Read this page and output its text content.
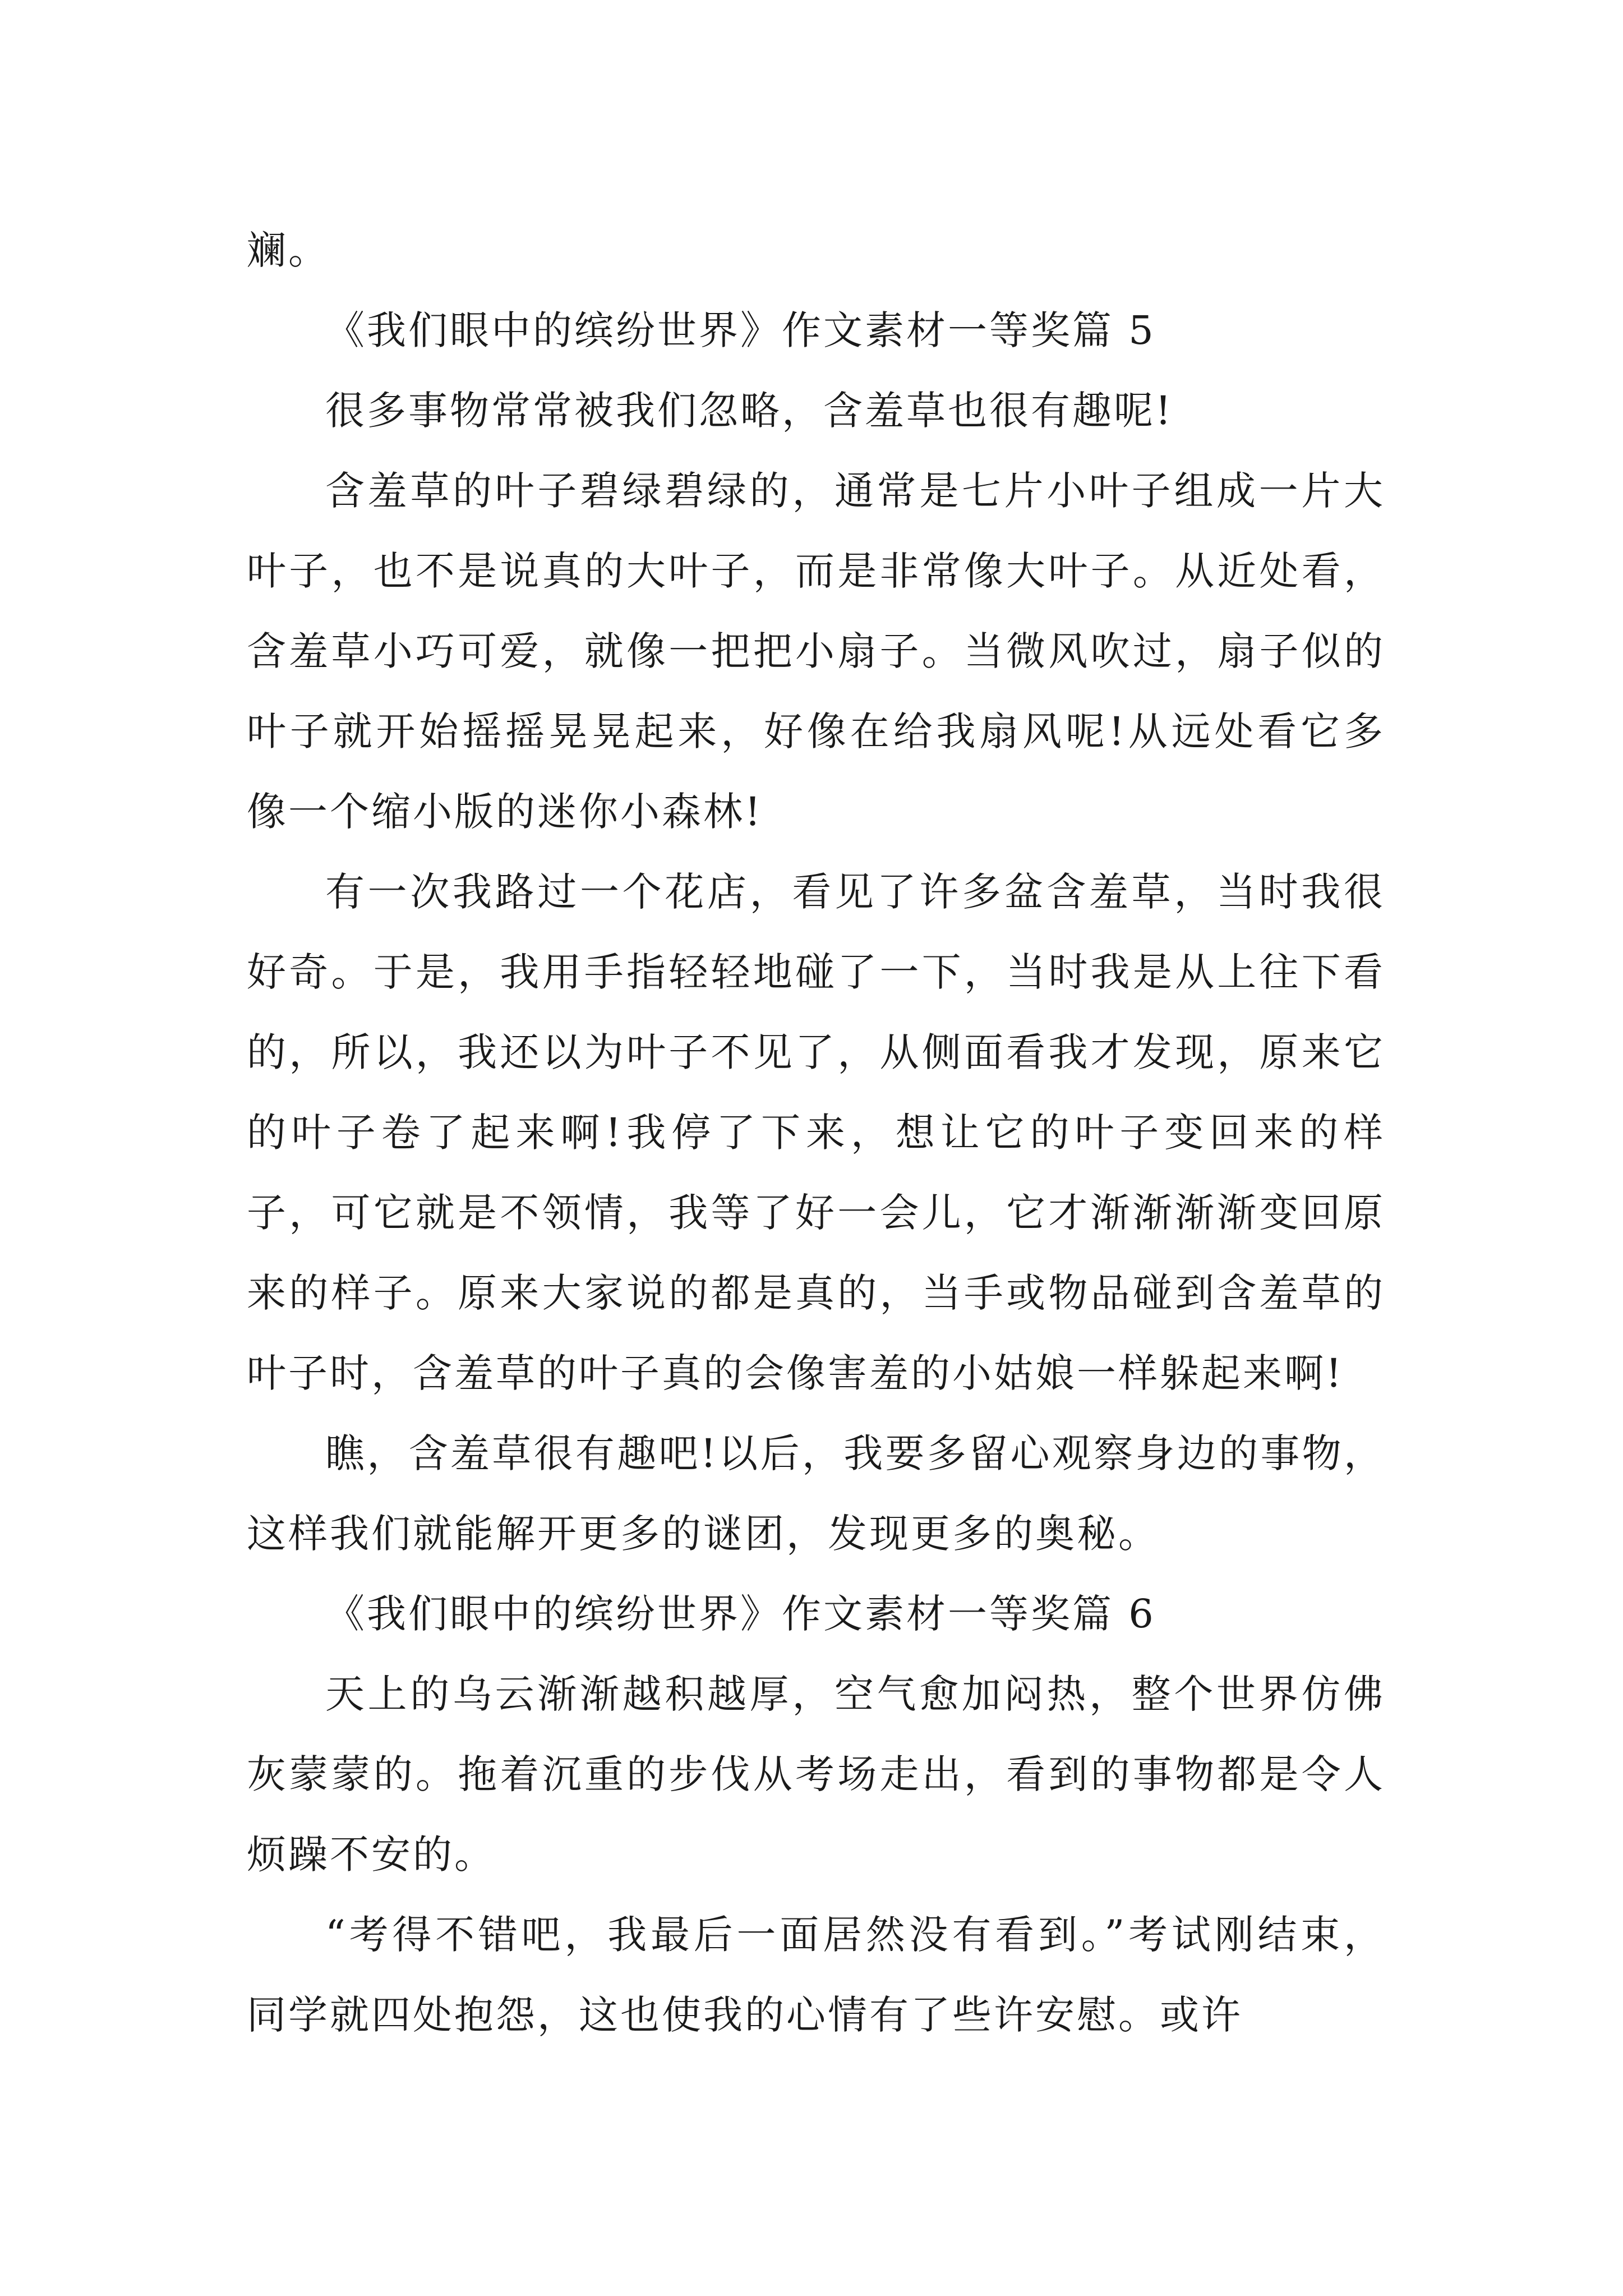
斓。

《我们眼中的缤纷世界》作文素材一等奖篇 5

很多事物常常被我们忽略，含羞草也很有趣呢!

含羞草的叶子碧绿碧绿的，通常是七片小叶子组成一片大叶子，也不是说真的大叶子，而是非常像大叶子。从近处看，含羞草小巧可爱，就像一把把小扇子。当微风吹过，扇子似的叶子就开始摇摇晃晃起来，好像在给我扇风呢!从远处看它多像一个缩小版的迷你小森林!

有一次我路过一个花店，看见了许多盆含羞草，当时我很好奇。于是，我用手指轻轻地碰了一下，当时我是从上往下看的，所以，我还以为叶子不见了，从侧面看我才发现，原来它的叶子卷了起来啊!我停了下来，想让它的叶子变回来的样子，可它就是不领情，我等了好一会儿，它才渐渐渐渐变回原来的样子。原来大家说的都是真的，当手或物品碰到含羞草的叶子时，含羞草的叶子真的会像害羞的小姑娘一样躲起来啊!

瞧，含羞草很有趣吧!以后，我要多留心观察身边的事物，这样我们就能解开更多的谜团，发现更多的奥秘。

《我们眼中的缤纷世界》作文素材一等奖篇 6

天上的乌云渐渐越积越厚，空气愈加闷热，整个世界仿佛灰蒙蒙的。拖着沉重的步伐从考场走出，看到的事物都是令人烦躁不安的。

“考得不错吧，我最后一面居然没有看到。”考试刚结束，同学就四处抱怨，这也使我的心情有了些许安慰。或许
